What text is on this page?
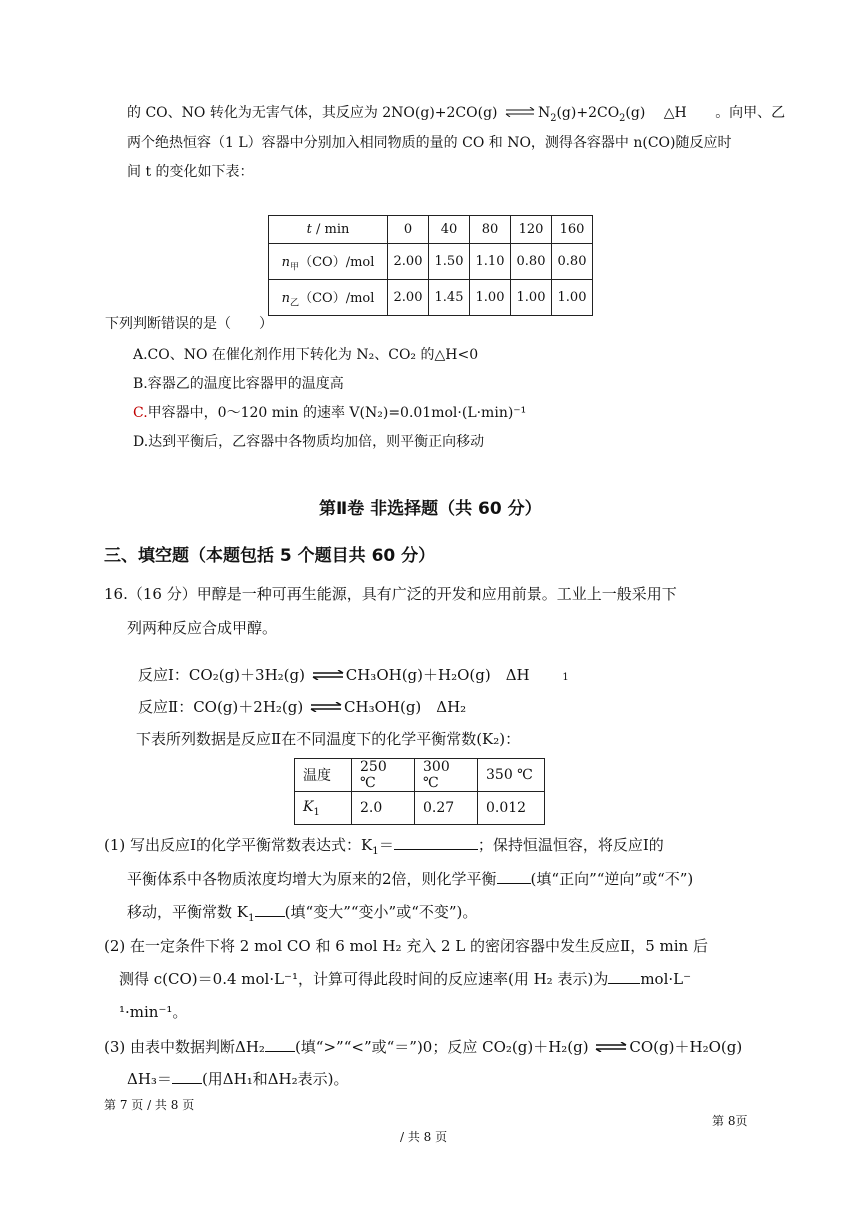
的 CO、NO 转化为无害气体，其反应为 2NO(g)+2CO(g) $\rightleftharpoons N_2(g)+2CO_2(g)$ △H 。向甲、乙
两个绝热恒容（1 L）容器中分别加入相同物质的量的 CO 和 NO，测得各容器中 n(CO)随反应时
间 t 的变化如下表：
t / min	0	40	80	120	160
$n_甲(CO)$/mol	2.00	1.50	1.10	0.80	0.80
$n_乙(CO)$/mol	2.00	1.45	1.00	1.00	1.00
下列判断错误的是（　　）
A.CO、NO 在催化剂作用下转化为 N₂、CO₂ 的△H<0
B.容器乙的温度比容器甲的温度高
C.甲容器中，0～120 min 的速率 V(N₂)=0.01mol·(L·min)⁻¹
D.达到平衡后，乙容器中各物质均加倍，则平衡正向移动
第Ⅱ卷 非选择题（共 60 分）
三、填空题（本题包括 5 个题目共 60 分）
16.（16 分）甲醇是一种可再生能源，具有广泛的开发和应用前景。工业上一般采用下
列两种反应合成甲醇。
反应Ⅰ：CO₂(g)＋3H₂(g) ⇌CH₃OH(g)＋H₂O(g)　ΔH	1
反应Ⅱ：CO(g)＋2H₂(g) ⇌CH₃OH(g)　ΔH₂
下表所列数据是反应Ⅱ在不同温度下的化学平衡常数(K₂)：
温度	250 ℃	300 ℃	350 ℃
$K_1$	2.0	0.27	0.012
(1) 写出反应Ⅰ的化学平衡常数表达式：$K_1=$	；保持恒温恒容，将反应Ⅰ的
平衡体系中各物质浓度均增大为原来的2倍，则化学平衡 (填“正向”“逆向”或“不”)
移动，平衡常数 $K_1$ (填“变大”“变小”或“不变”)。
(2) 在一定条件下将 2 mol CO 和 6 mol H₂ 充入 2 L 的密闭容器中发生反应Ⅱ，5 min 后
测得 c(CO)＝0.4 mol·L⁻¹，计算可得此段时间的反应速率(用 H₂ 表示)为 mol·L⁻
¹·min⁻¹。
(3) 由表中数据判断ΔH₂ (填“>”“<”或“＝”)0；反应 CO₂(g)＋H₂(g) ⇌CO(g)＋H₂O(g)
ΔH₃＝ (用ΔH₁和ΔH₂表示)。
第 7 页 / 共 8 页
第 8页
/ 共 8 页
